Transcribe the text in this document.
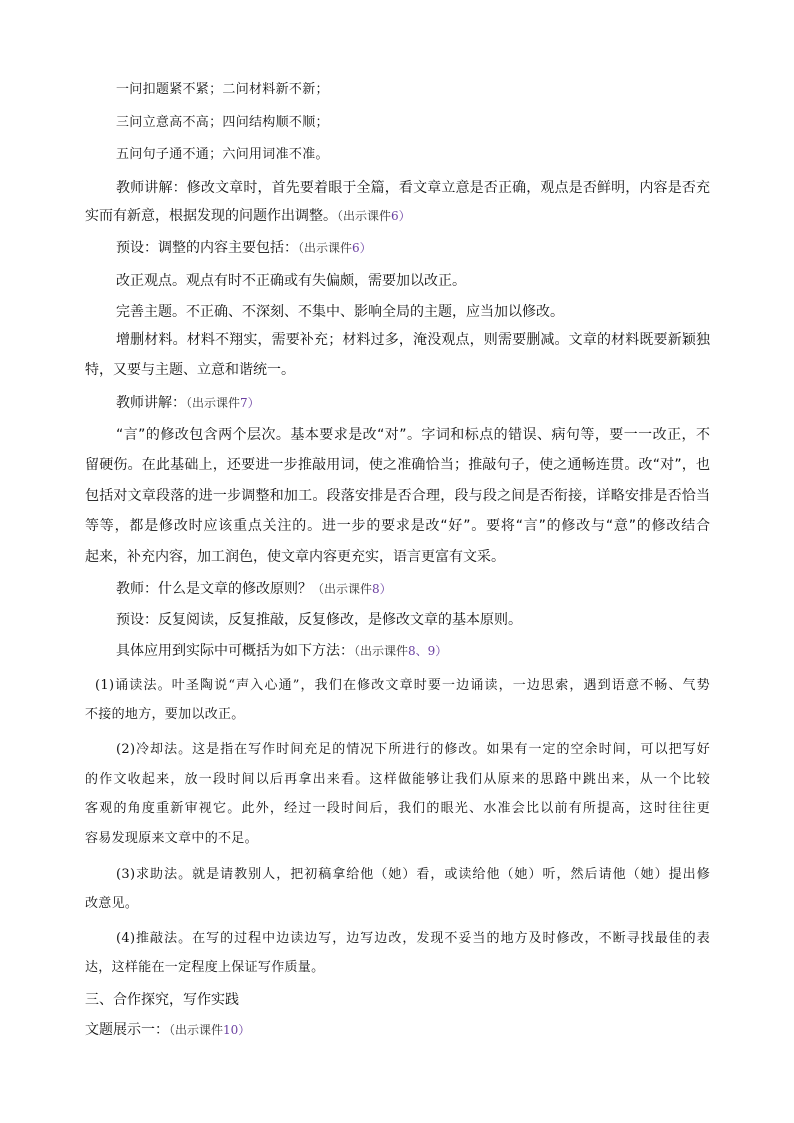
一问扣题紧不紧；二问材料新不新；
三问立意高不高；四问结构顺不顺；
五问句子通不通；六问用词准不准。
教师讲解：修改文章时，首先要着眼于全篇，看文章立意是否正确，观点是否鲜明，内容是否充
实而有新意，根据发现的问题作出调整。（出示课件6）
预设：调整的内容主要包括：（出示课件6）
改正观点。观点有时不正确或有失偏颇，需要加以改正。
完善主题。不正确、不深刻、不集中、影响全局的主题，应当加以修改。
增删材料。材料不翔实，需要补充；材料过多，淹没观点，则需要删减。文章的材料既要新颖独
特，又要与主题、立意和谐统一。
教师讲解：（出示课件7）
“言”的修改包含两个层次。基本要求是改“对”。字词和标点的错误、病句等，要一一改正，不
留硬伤。在此基础上，还要进一步推敲用词，使之准确恰当；推敲句子，使之通畅连贯。改“对”，也
包括对文章段落的进一步调整和加工。段落安排是否合理，段与段之间是否衔接，详略安排是否恰当
等等，都是修改时应该重点关注的。进一步的要求是改“好”。要将“言”的修改与“意”的修改结合
起来，补充内容，加工润色，使文章内容更充实，语言更富有文采。
教师：什么是文章的修改原则？（出示课件8）
预设：反复阅读，反复推敲，反复修改，是修改文章的基本原则。
具体应用到实际中可概括为如下方法：（出示课件8、9）
(1)诵读法。叶圣陶说“声入心通”，我们在修改文章时要一边诵读，一边思索，遇到语意不畅、气势
不接的地方，要加以改正。
(2)冷却法。这是指在写作时间充足的情况下所进行的修改。如果有一定的空余时间，可以把写好
的作文收起来，放一段时间以后再拿出来看。这样做能够让我们从原来的思路中跳出来，从一个比较
客观的角度重新审视它。此外，经过一段时间后，我们的眼光、水准会比以前有所提高，这时往往更
容易发现原来文章中的不足。
(3)求助法。就是请教别人，把初稿拿给他（她）看，或读给他（她）听，然后请他（她）提出修
改意见。
(4)推敲法。在写的过程中边读边写，边写边改，发现不妥当的地方及时修改，不断寻找最佳的表
达，这样能在一定程度上保证写作质量。
三、合作探究，写作实践
文题展示一：（出示课件10）
